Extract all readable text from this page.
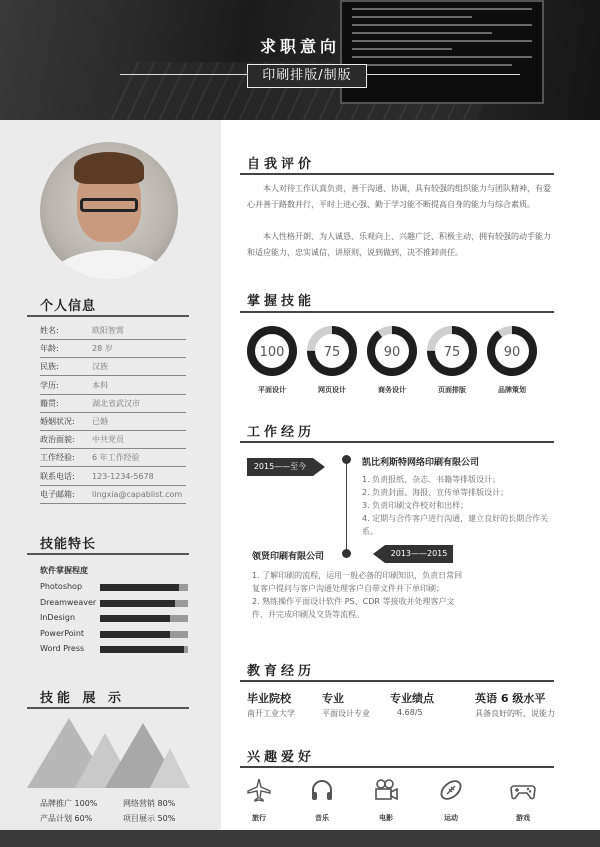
求职意向
印刷排版/制版
个人信息
姓名:	欧阳智霄
年龄:	28 岁
民族:	汉族
学历:	本科
籍贯:	湖北省武汉市
婚姻状况: 已婚
政治面貌: 中共党员
工作经验: 6 年工作经验
联系电话: 123-1234-5678
电子邮箱: lingxia@capablist.com
技能特长
软件掌握程度
Photoshop
Dreamweaver
InDesign
PowerPoint
Word Press
技能 展 示
品牌推广 100%	网络营销 80%
产品计划 60%	项目展示 50%
自我评价
本人对待工作认真负责，善于沟通、协调，具有较强的组织能力与团队精神，有爱心并善于路数并行，平时上进心强、勤于学习能不断提高自身的能力与综合素质。
本人性格开朗、为人诚恳、乐观向上、兴趣广泛、积极主动，拥有较强的动手能力和适应能力，忠实诚信，讲原则，说到做到，决不推卸责任。
掌握技能
100
平面设计
75
网页设计
90
商务设计
75
页面排版
90
品牌策划
工作经历
2015——至今	凯比利斯特网络印刷有限公司
1. 负责报纸、杂志、书籍等排版设计；
2. 负责封面、海报、宣传单等排版设计；
3. 负责印刷文件校对和出样；
4. 定期与合作客户进行沟通，建立良好的长期合作关系。
2013——2015
领贤印刷有限公司
1. 了解印刷的流程，运用一般必备的印刷知识，负责日常回复客户提问与客户沟通处理客户自带文件并下单印刷；
2. 熟练操作平面设计软件 PS、CDR 等接收并处理客户文件，并完成印刷及交货等流程。
教育经历
毕业院校
南开工业大学
专业
平面设计专业
专业绩点
4.68/5
英语 6 级水平
具备良好的听、说能力
兴趣爱好
旅行	音乐	电影	运动	游戏
